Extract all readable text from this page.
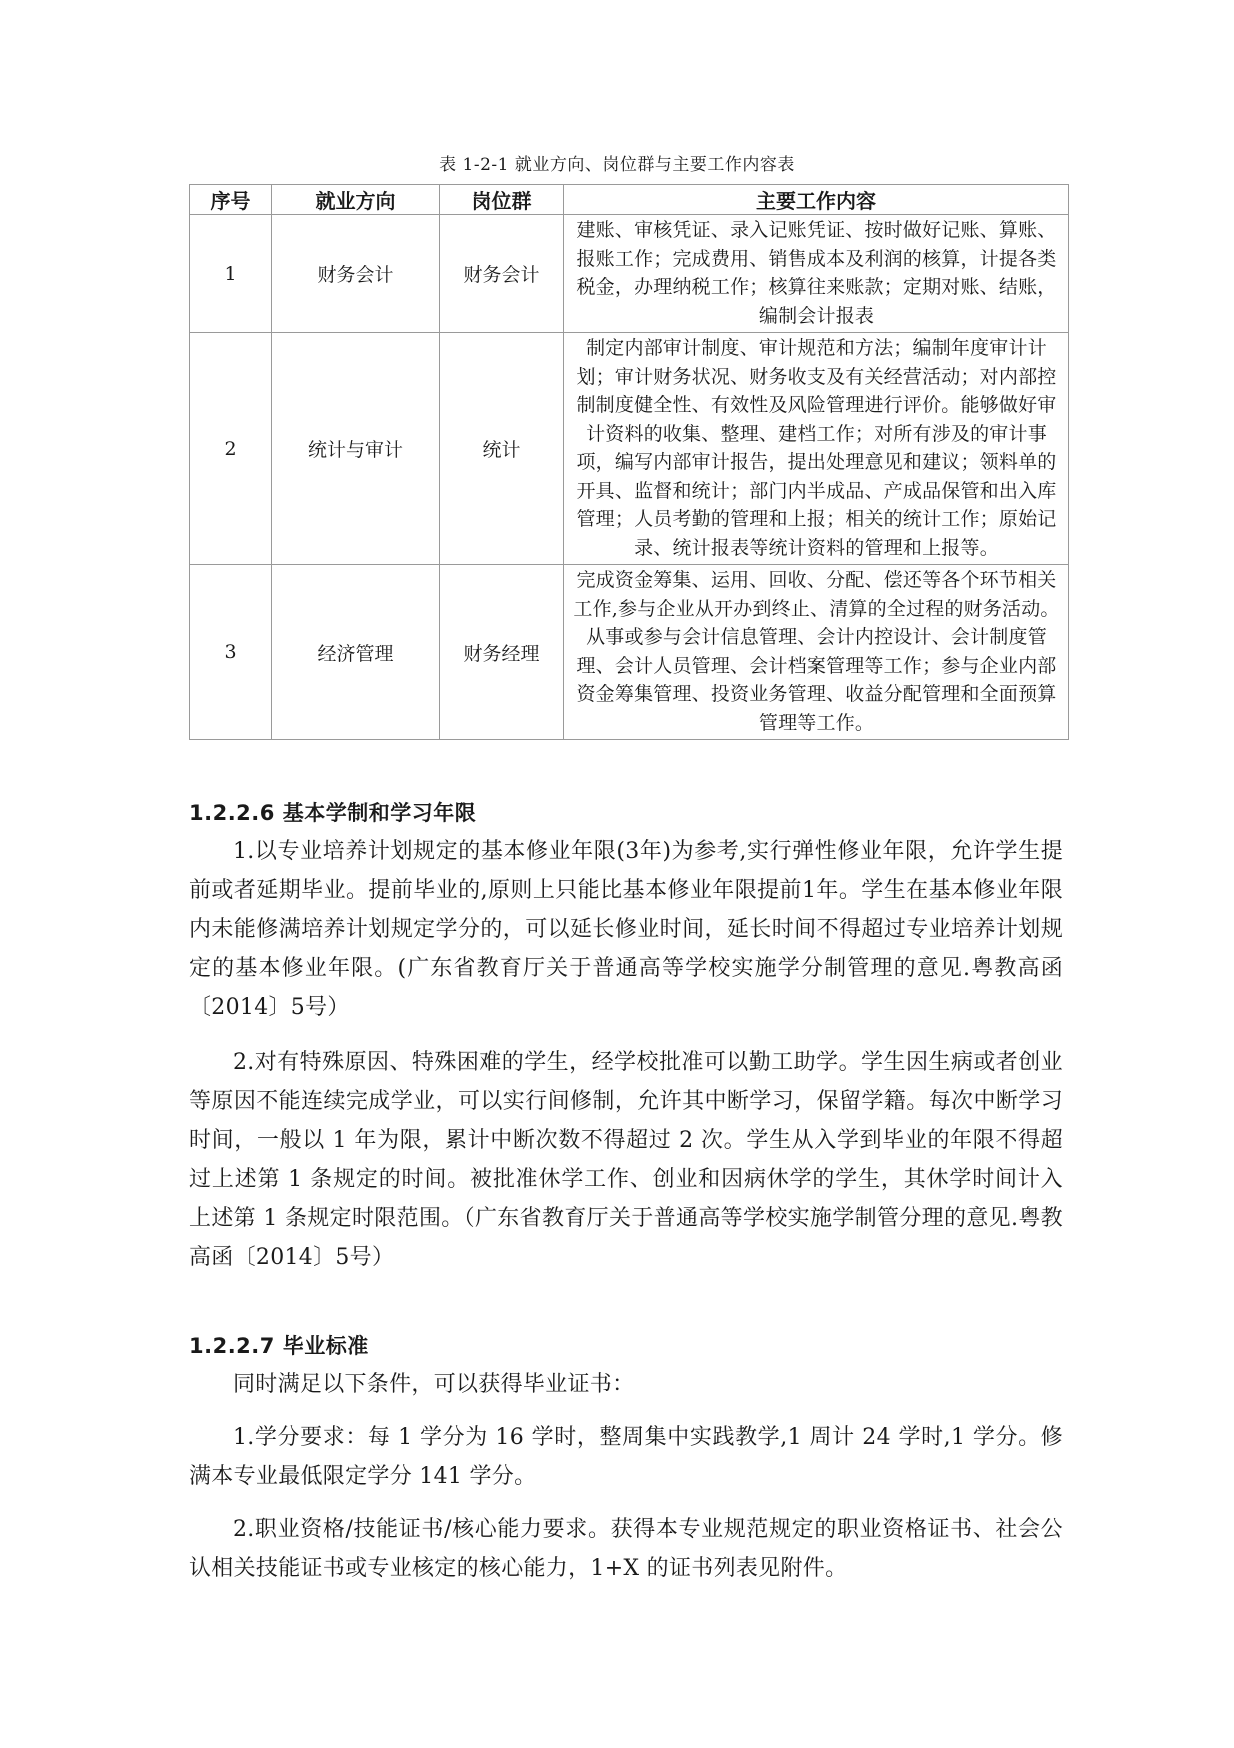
表 1-2-1 就业方向、岗位群与主要工作内容表
序号	就业方向	岗位群	主要工作内容
1	财务会计	财务会计	建账、审核凭证、录入记账凭证、按时做好记账、算账、报账工作；完成费用、销售成本及利润的核算，计提各类税金，办理纳税工作；核算往来账款；定期对账、结账，编制会计报表
2	统计与审计	统计	制定内部审计制度、审计规范和方法；编制年度审计计划；审计财务状况、财务收支及有关经营活动；对内部控制制度健全性、有效性及风险管理进行评价。能够做好审计资料的收集、整理、建档工作；对所有涉及的审计事项，编写内部审计报告，提出处理意见和建议；领料单的开具、监督和统计；部门内半成品、产成品保管和出入库管理；人员考勤的管理和上报；相关的统计工作；原始记录、统计报表等统计资料的管理和上报等。
3	经济管理	财务经理	完成资金筹集、运用、回收、分配、偿还等各个环节相关工作,参与企业从开办到终止、清算的全过程的财务活动。从事或参与会计信息管理、会计内控设计、会计制度管理、会计人员管理、会计档案管理等工作；参与企业内部资金筹集管理、投资业务管理、收益分配管理和全面预算管理等工作。
1.2.2.6 基本学制和学习年限
1.以专业培养计划规定的基本修业年限(3年)为参考,实行弹性修业年限，允许学生提前或者延期毕业。提前毕业的,原则上只能比基本修业年限提前1年。学生在基本修业年限内未能修满培养计划规定学分的，可以延长修业时间，延长时间不得超过专业培养计划规定的基本修业年限。(广东省教育厅关于普通高等学校实施学分制管理的意见.粤教高函〔2014〕5号）
2.对有特殊原因、特殊困难的学生，经学校批准可以勤工助学。学生因生病或者创业等原因不能连续完成学业，可以实行间修制，允许其中断学习，保留学籍。每次中断学习时间，一般以 1 年为限，累计中断次数不得超过 2 次。学生从入学到毕业的年限不得超过上述第 1 条规定的时间。被批准休学工作、创业和因病休学的学生，其休学时间计入上述第 1 条规定时限范围。（广东省教育厅关于普通高等学校实施学制管分理的意见.粤教高函〔2014〕5号）
1.2.2.7 毕业标准
同时满足以下条件，可以获得毕业证书：
1.学分要求：每 1 学分为 16 学时，整周集中实践教学,1 周计 24 学时,1 学分。修满本专业最低限定学分 141 学分。
2.职业资格/技能证书/核心能力要求。获得本专业规范规定的职业资格证书、社会公认相关技能证书或专业核定的核心能力，1+X 的证书列表见附件。
